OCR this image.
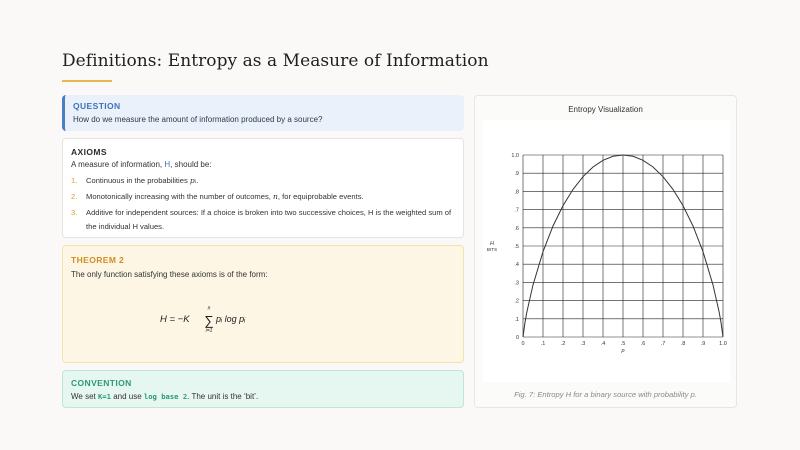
Definitions: Entropy as a Measure of Information
QUESTION
How do we measure the amount of information produced by a source?
AXIOMS
A measure of information, H, should be:
1. Continuous in the probabilities pᵢ.
2. Monotonically increasing with the number of outcomes, n, for equiprobable events.
3.	Additive for independent sources: If a choice is broken into two successive choices, H is the weighted sum of the individual H values.
THEOREM 2
The only function satisfying these axioms is of the form:
H = −K
n
∑
i=1
pᵢ log pᵢ
CONVENTION
We set K=1 and use log base 2. The unit is the ‘bit’.
Entropy Visualization
0	.1	.2	.3	.4	.5	.6	.7	.8	.9	1.0
0
.1
.2
.3
.4
.5
.6
.7
.8
.9
1.0
p
H
BITS
Fig. 7: Entropy H for a binary source with probability p.
